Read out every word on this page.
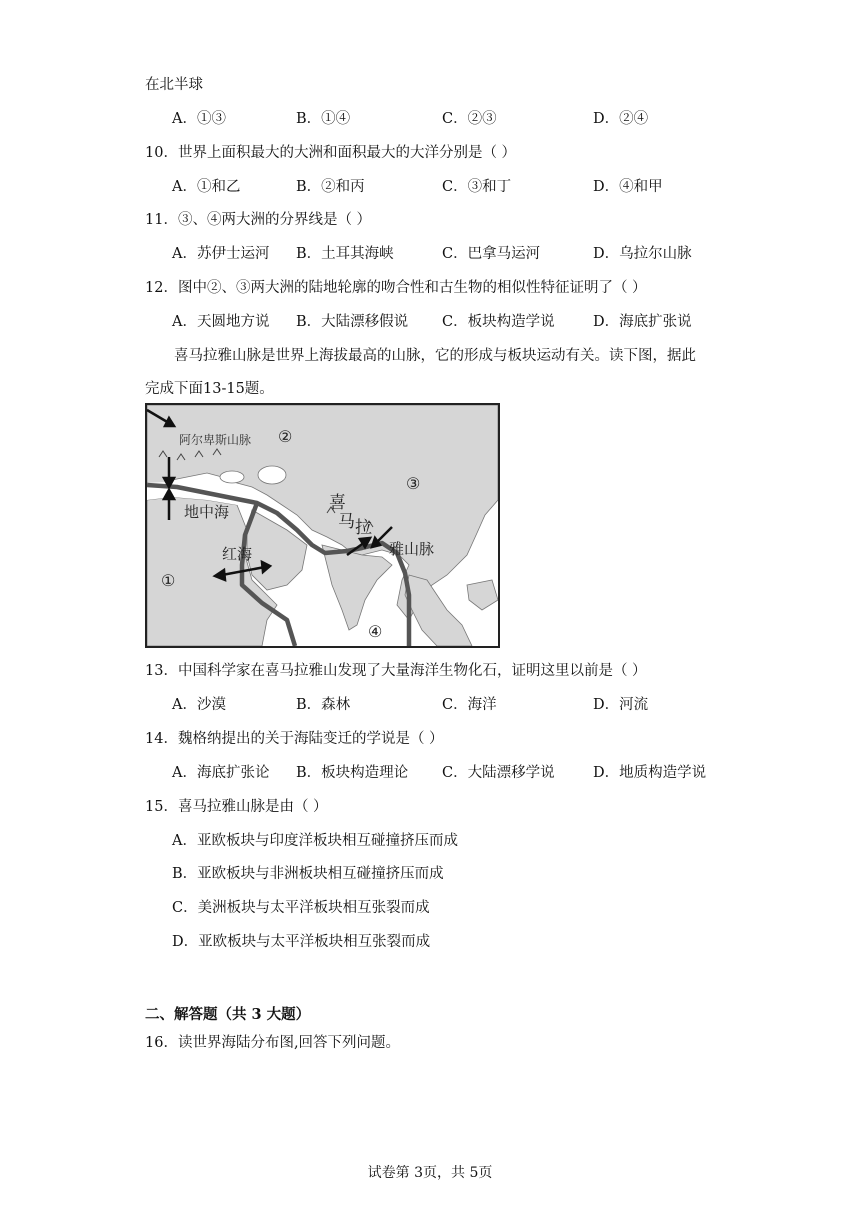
在北半球
A．①③	B．①④	C．②③	D．②④
10．世界上面积最大的大洲和面积最大的大洋分别是（ ）
A．①和乙	B．②和丙	C．③和丁	D．④和甲
11．③、④两大洲的分界线是（ ）
A．苏伊士运河 B．土耳其海峡	C．巴拿马运河	D．乌拉尔山脉
12．图中②、③两大洲的陆地轮廓的吻合性和古生物的相似性特征证明了（ ）
A．天圆地方说 B．大陆漂移假说 C．板块构造学说	D．海底扩张说
喜马拉雅山脉是世界上海拔最高的山脉，它的形成与板块运动有关。读下图，据此
完成下面13-15题。
阿尔卑斯山脉
地中海
红海
喜
马 拉
雅山脉
①
②
③
④
13．中国科学家在喜马拉雅山发现了大量海洋生物化石，证明这里以前是（ ）
A．沙漠	B．森林	C．海洋	D．河流
14．魏格纳提出的关于海陆变迁的学说是（ ）
A．海底扩张论 B．板块构造理论 C．大陆漂移学说	D．地质构造学说
15．喜马拉雅山脉是由（ ）
A．亚欧板块与印度洋板块相互碰撞挤压而成
B．亚欧板块与非洲板块相互碰撞挤压而成
C．美洲板块与太平洋板块相互张裂而成
D．亚欧板块与太平洋板块相互张裂而成
二、解答题（共 3 大题）
16．读世界海陆分布图,回答下列问题。
试卷第 3页，共 5页
